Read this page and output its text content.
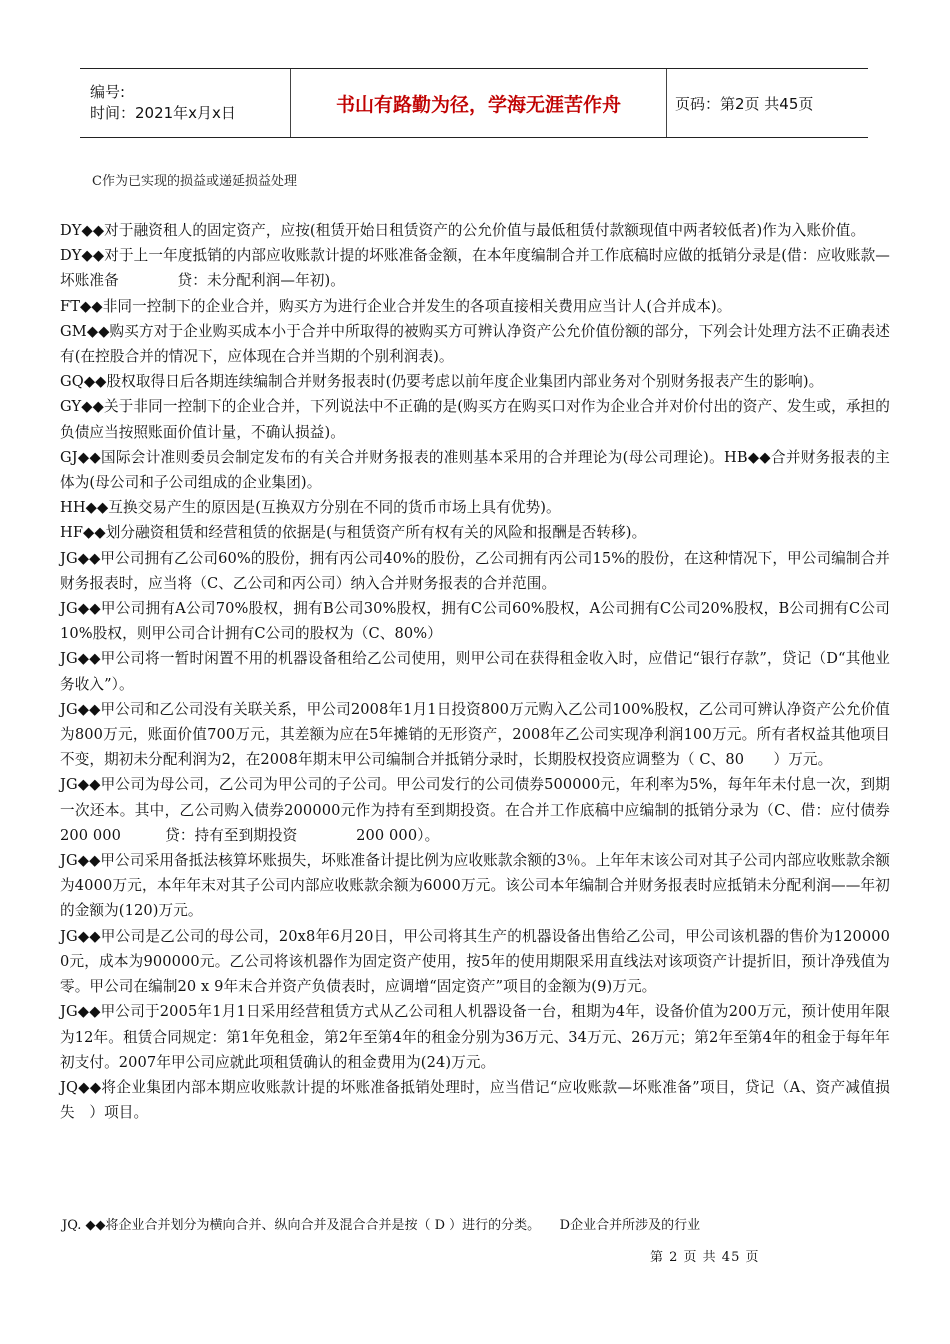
编号:
时间：2021年x月x日	书山有路勤为径，学海无涯苦作舟	页码：第2页 共45页
C作为已实现的损益或递延损益处理

DY◆◆对于融资租人的固定资产，应按(租赁开始日租赁资产的公允价值与最低租赁付款额现值中两者较低者)作为入账价值。

DY◆◆对于上一年度抵销的内部应收账款计提的坏账准备金额，在本年度编制合并工作底稿时应做的抵销分录是(借：应收账款—坏账准备　　　　贷：未分配利润—年初)。

FT◆◆非同一控制下的企业合并，购买方为进行企业合并发生的各项直接相关费用应当计人(合并成本)。

GM◆◆购买方对于企业购买成本小于合并中所取得的被购买方可辨认净资产公允价值份额的部分，下列会计处理方法不正确表述有(在控股合并的情况下，应体现在合并当期的个别利润表)。

GQ◆◆股权取得日后各期连续编制合并财务报表时(仍要考虑以前年度企业集团内部业务对个别财务报表产生的影响)。

GY◆◆关于非同一控制下的企业合并，下列说法中不正确的是(购买方在购买口对作为企业合并对价付出的资产、发生或，承担的负债应当按照账面价值计量，不确认损益)。

GJ◆◆国际会计准则委员会制定发布的有关合并财务报表的准则基本采用的合并理论为(母公司理论)。HB◆◆合并财务报表的主体为(母公司和子公司组成的企业集团)。

HH◆◆互换交易产生的原因是(互换双方分别在不同的货币市场上具有优势)。

HF◆◆划分融资租赁和经营租赁的依据是(与租赁资产所有权有关的风险和报酬是否转移)。

JG◆◆甲公司拥有乙公司60%的股份，拥有丙公司40%的股份，乙公司拥有丙公司15%的股份，在这种情况下，甲公司编制合并财务报表时，应当将（C、乙公司和丙公司）纳入合并财务报表的合并范围。

JG◆◆甲公司拥有A公司70%股权，拥有B公司30%股权，拥有C公司60%股权，A公司拥有C公司20%股权，B公司拥有C公司10%股权，则甲公司合计拥有C公司的股权为（C、80%）

JG◆◆甲公司将一暂时闲置不用的机器设备租给乙公司使用，则甲公司在获得租金收入时，应借记“银行存款”，贷记（D“其他业务收入”）。

JG◆◆甲公司和乙公司没有关联关系，甲公司2008年1月1日投资800万元购入乙公司100%股权，乙公司可辨认净资产公允价值为800万元，账面价值700万元，其差额为应在5年摊销的无形资产，2008年乙公司实现净利润100万元。所有者权益其他项目不变，期初未分配利润为2，在2008年期末甲公司编制合并抵销分录时，长期股权投资应调整为（ C、80　　）万元。

JG◆◆甲公司为母公司，乙公司为甲公司的子公司。甲公司发行的公司债券500000元，年利率为5%，每年年未付息一次，到期一次还本。其中，乙公司购入债券200000元作为持有至到期投资。在合并工作底稿中应编制的抵销分录为（C、借：应付债券　　　200 000　　　贷：持有至到期投资　　　　200 000）。

JG◆◆甲公司采用备抵法核算坏账损失，坏账准备计提比例为应收账款余额的3％。上年年末该公司对其子公司内部应收账款余额为4000万元，本年年末对其子公司内部应收账款余额为6000万元。该公司本年编制合并财务报表时应抵销未分配利润——年初的金额为(120)万元。

JG◆◆甲公司是乙公司的母公司，20x8年6月20日，甲公司将其生产的机器设备出售给乙公司，甲公司该机器的售价为1200000元，成本为900000元。乙公司将该机器作为固定资产使用，按5年的使用期限采用直线法对该项资产计提折旧，预计净残值为零。甲公司在编制20 x 9年末合并资产负债表时，应调增“固定资产”项目的金额为(9)万元。

JG◆◆甲公司于2005年1月1日采用经营租赁方式从乙公司租人机器设备一台，租期为4年，设备价值为200万元，预计使用年限为12年。租赁合同规定：第1年免租金，第2年至第4年的租金分别为36万元、34万元、26万元；第2年至第4年的租金于每年年初支付。2007年甲公司应就此项租赁确认的租金费用为(24)万元。

JQ◆◆将企业集团内部本期应收账款计提的坏账准备抵销处理时，应当借记“应收账款—坏账准备”项目，贷记（A、资产减值损失　）项目。

JQ. ◆◆将企业合并划分为横向合并、纵向合并及混合合并是按（ D ）进行的分类。　　D企业合并所涉及的行业
第 2 页 共 45 页
